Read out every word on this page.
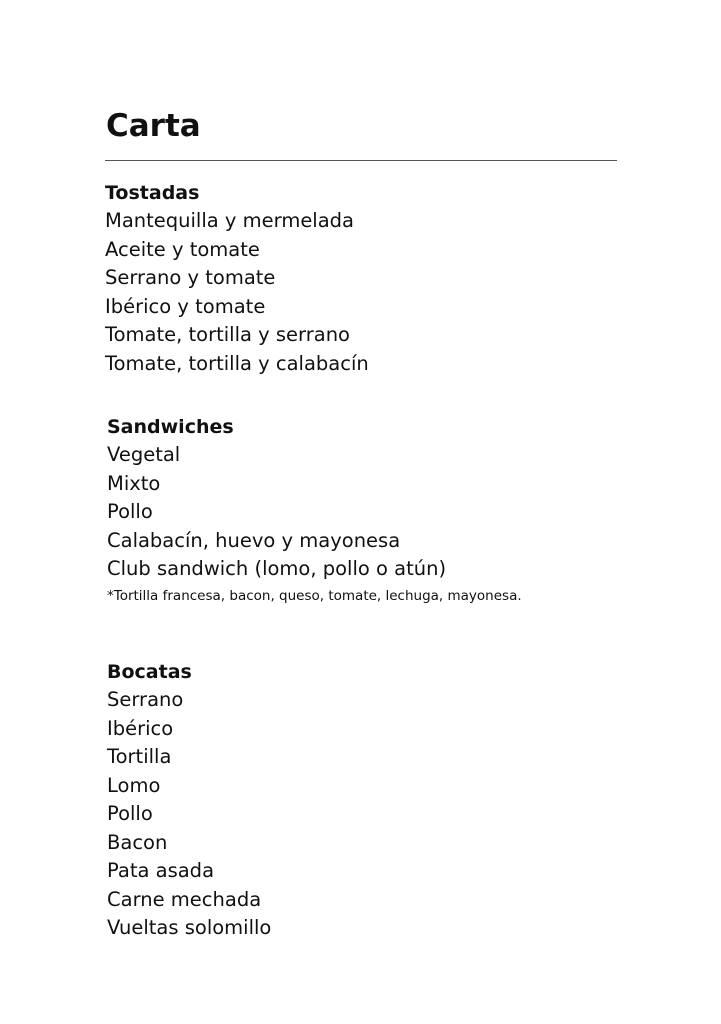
Carta
Tostadas
Mantequilla y mermelada
Aceite y tomate
Serrano y tomate
Ibérico y tomate
Tomate, tortilla y serrano
Tomate, tortilla y calabacín
Sandwiches
Vegetal
Mixto
Pollo
Calabacín, huevo y mayonesa
Club sandwich (lomo, pollo o atún)

*Tortilla francesa, bacon, queso, tomate, lechuga, mayonesa.

Bocatas
Serrano
Ibérico
Tortilla
Lomo
Pollo
Bacon
Pata asada
Carne mechada
Vueltas solomillo
